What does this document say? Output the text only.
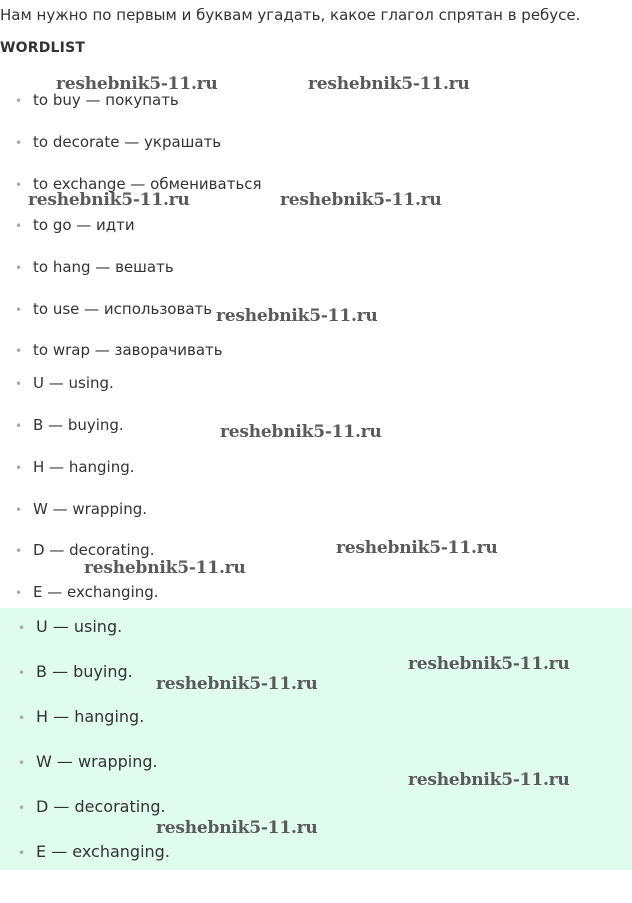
Нам нужно по первым и буквам угадать, какое глагол спрятан в ребусе.

WORDLIST
• to buy — покупать
• to decorate — украшать
• to exchange — обмениваться
• to go — идти
• to hang — вешать
• to use — использовать
• to wrap — заворачивать
• U — using.
• B — buying.
• H — hanging.
• W — wrapping.
• D — decorating.
• E — exchanging.
• U — using.
• B — buying.
• H — hanging.
• W — wrapping.
• D — decorating.
• E — exchanging.
reshebnik5-11.ru	reshebnik5-11.ru
reshebnik5-11.ru	reshebnik5-11.ru
reshebnik5-11.ru
reshebnik5-11.ru
reshebnik5-11.ru
reshebnik5-11.ru
reshebnik5-11.ru
reshebnik5-11.ru
reshebnik5-11.ru
reshebnik5-11.ru
